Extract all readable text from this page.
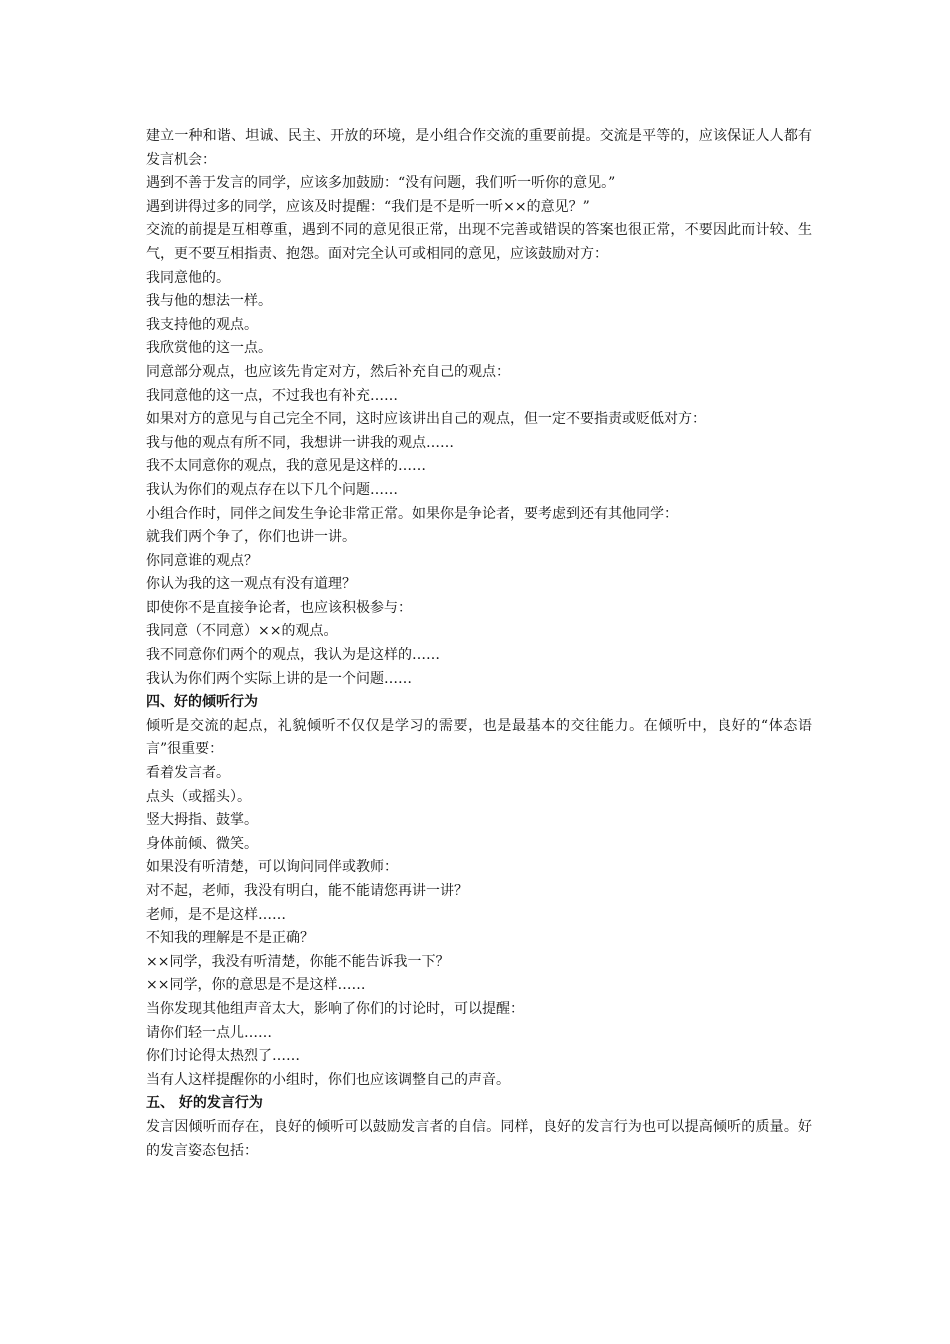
建立一种和谐、坦诚、民主、开放的环境，是小组合作交流的重要前提。交流是平等的，应该保证人人都有发言机会：
遇到不善于发言的同学，应该多加鼓励：“没有问题，我们听一听你的意见。”
遇到讲得过多的同学，应该及时提醒：“我们是不是听一听××的意见？”
交流的前提是互相尊重，遇到不同的意见很正常，出现不完善或错误的答案也很正常，不要因此而计较、生气，更不要互相指责、抱怨。面对完全认可或相同的意见，应该鼓励对方：
我同意他的。
我与他的想法一样。
我支持他的观点。
我欣赏他的这一点。
同意部分观点，也应该先肯定对方，然后补充自己的观点：
我同意他的这一点，不过我也有补充……
如果对方的意见与自己完全不同，这时应该讲出自己的观点，但一定不要指责或贬低对方：
我与他的观点有所不同，我想讲一讲我的观点……
我不太同意你的观点，我的意见是这样的……
我认为你们的观点存在以下几个问题……
小组合作时，同伴之间发生争论非常正常。如果你是争论者，要考虑到还有其他同学：
就我们两个争了，你们也讲一讲。
你同意谁的观点？
你认为我的这一观点有没有道理？
即使你不是直接争论者，也应该积极参与：
我同意（不同意）××的观点。
我不同意你们两个的观点，我认为是这样的……
我认为你们两个实际上讲的是一个问题……
四、好的倾听行为
倾听是交流的起点，礼貌倾听不仅仅是学习的需要，也是最基本的交往能力。在倾听中，良好的“体态语言”很重要：
看着发言者。
点头（或摇头）。
竖大拇指、鼓掌。
身体前倾、微笑。
如果没有听清楚，可以询问同伴或教师：
对不起，老师，我没有明白，能不能请您再讲一讲？
老师，是不是这样……
不知我的理解是不是正确？
××同学，我没有听清楚，你能不能告诉我一下？
××同学，你的意思是不是这样……
当你发现其他组声音太大，影响了你们的讨论时，可以提醒：
请你们轻一点儿……
你们讨论得太热烈了……
当有人这样提醒你的小组时，你们也应该调整自己的声音。
五、 好的发言行为
发言因倾听而存在，良好的倾听可以鼓励发言者的自信。同样，良好的发言行为也可以提高倾听的质量。好的发言姿态包括：
